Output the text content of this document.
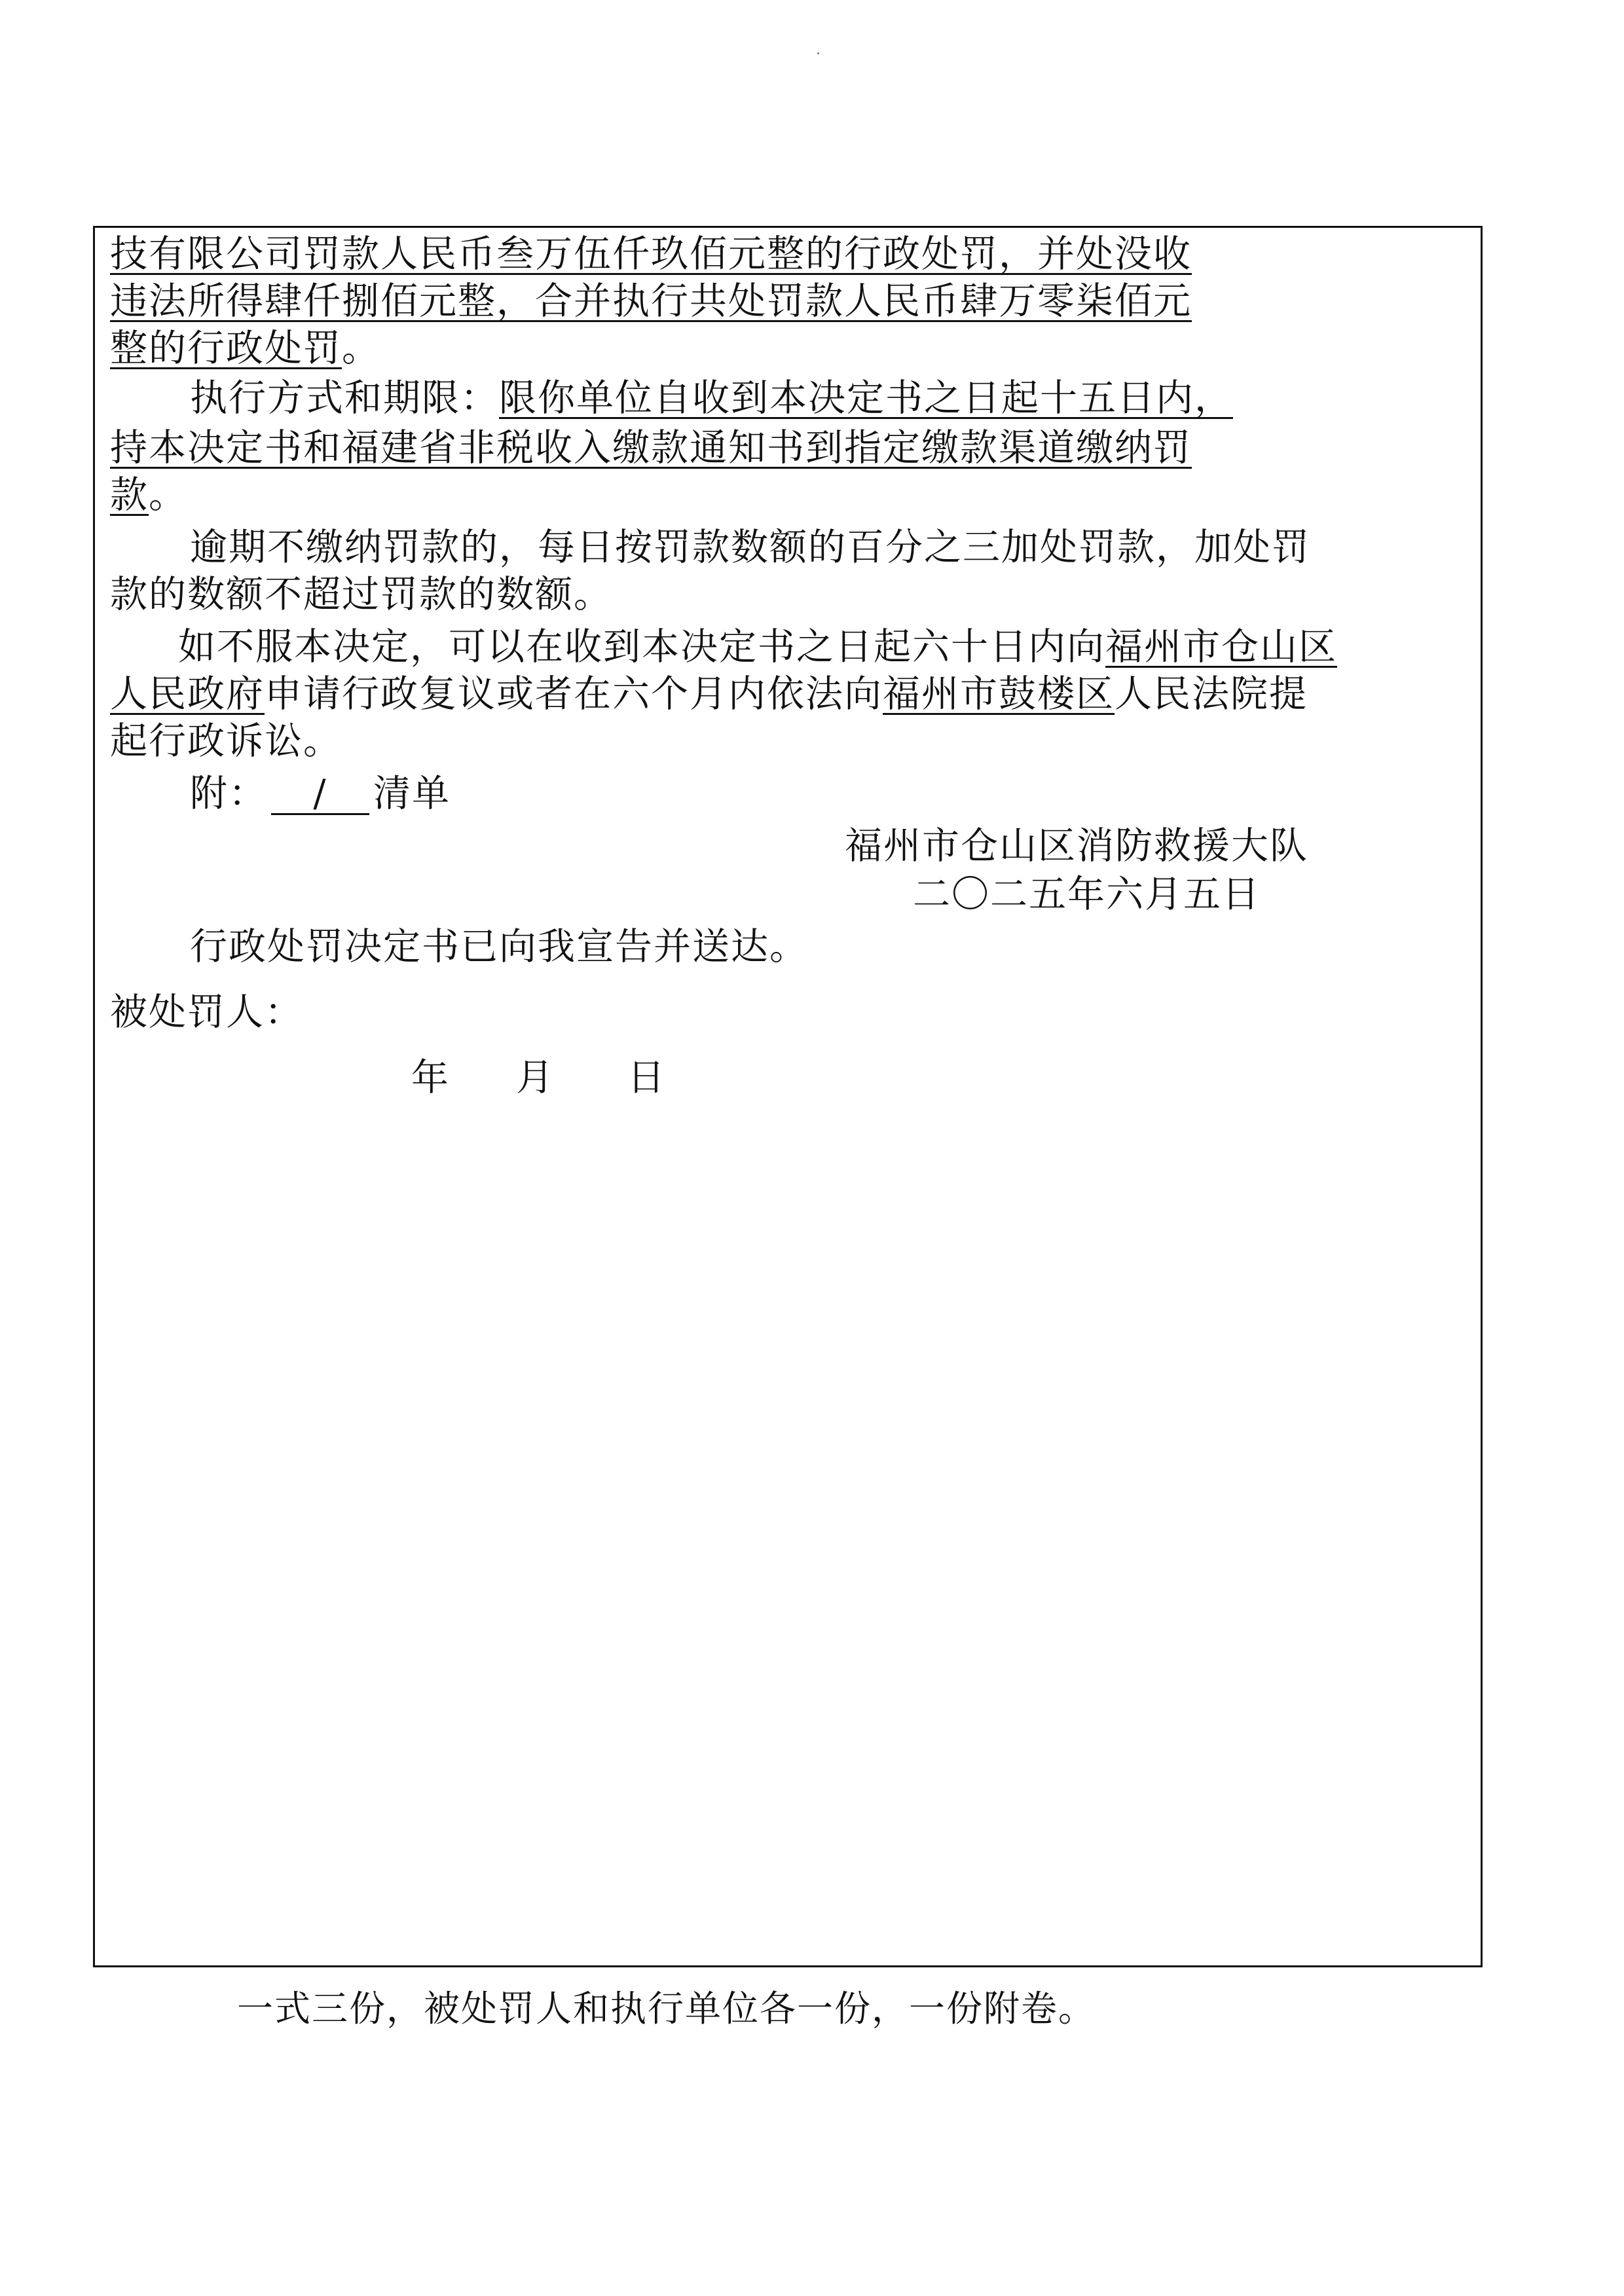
技有限公司罚款人民币叁万伍仟玖佰元整的行政处罚，并处没收
违法所得肆仟捌佰元整，合并执行共处罚款人民币肆万零柒佰元
整的行政处罚。
执行方式和期限：限你单位自收到本决定书之日起十五日内，
持本决定书和福建省非税收入缴款通知书到指定缴款渠道缴纳罚
款。
逾期不缴纳罚款的，每日按罚款数额的百分之三加处罚款，加处罚
款的数额不超过罚款的数额。
如不服本决定，可以在收到本决定书之日起六十日内向福州市仓山区
人民政府申请行政复议或者在六个月内依法向福州市鼓楼区人民法院提
起行政诉讼。
附： / 清单
福州市仓山区消防救援大队
二〇二五年六月五日
行政处罚决定书已向我宣告并送达。
被处罚人：
年 月 日
一式三份，被处罚人和执行单位各一份，一份附卷。
